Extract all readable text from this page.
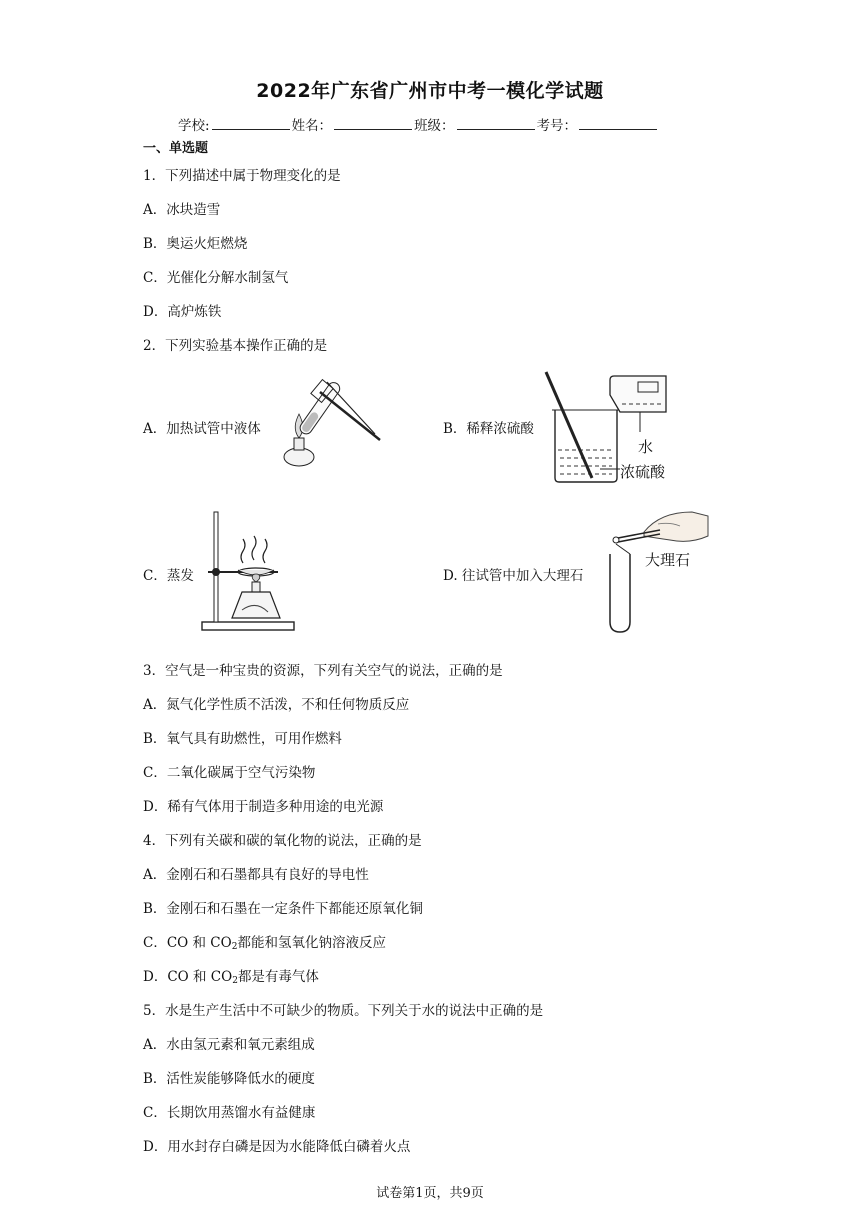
2022年广东省广州市中考一模化学试题
学校:	姓名：	班级：	考号：
一、单选题
1．下列描述中属于物理变化的是
A．冰块造雪
B．奥运火炬燃烧
C．光催化分解水制氢气
D．高炉炼铁
2．下列实验基本操作正确的是
A．加热试管中液体	B．稀释浓硫酸
C．蒸发	D. 往试管中加入大理石
水
浓硫酸
大理石
3．空气是一种宝贵的资源，下列有关空气的说法，正确的是
A．氮气化学性质不活泼，不和任何物质反应
B．氧气具有助燃性，可用作燃料
C．二氧化碳属于空气污染物
D．稀有气体用于制造多种用途的电光源
4．下列有关碳和碳的氧化物的说法，正确的是
A．金刚石和石墨都具有良好的导电性
B．金刚石和石墨在一定条件下都能还原氧化铜
C．CO 和 $CO_2$都能和氢氧化钠溶液反应
D．CO 和 $CO_2$都是有毒气体
5．水是生产生活中不可缺少的物质。下列关于水的说法中正确的是
A．水由氢元素和氧元素组成
B．活性炭能够降低水的硬度
C．长期饮用蒸馏水有益健康
D．用水封存白磷是因为水能降低白磷着火点
试卷第1页，共9页
